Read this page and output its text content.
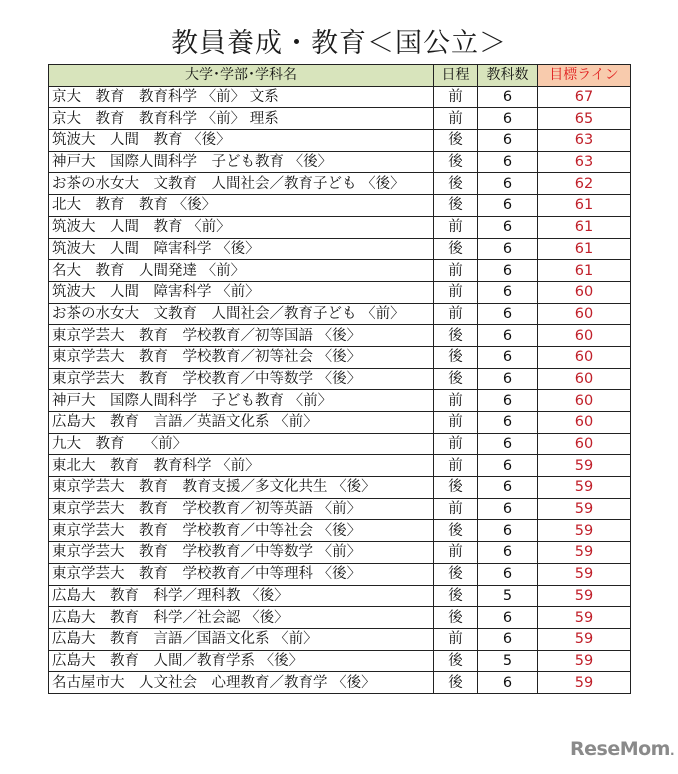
教員養成・教育＜国公立＞
大学･学部･学科名	日程	教科数	目標ライン
京大　教育　教育科学 〈前〉 文系	前	6	67
京大　教育　教育科学 〈前〉 理系	前	6	65
筑波大　人間　教育 〈後〉	後	6	63
神戸大　国際人間科学　子ども教育 〈後〉	後	6	63
お茶の水女大　文教育　人間社会／教育子ども 〈後〉	後	6	62
北大　教育　教育 〈後〉	後	6	61
筑波大　人間　教育 〈前〉	前	6	61
筑波大　人間　障害科学 〈後〉	後	6	61
名大　教育　人間発達 〈前〉	前	6	61
筑波大　人間　障害科学 〈前〉	前	6	60
お茶の水女大　文教育　人間社会／教育子ども 〈前〉	前	6	60
東京学芸大　教育　学校教育／初等国語 〈後〉	後	6	60
東京学芸大　教育　学校教育／初等社会 〈後〉	後	6	60
東京学芸大　教育　学校教育／中等数学 〈後〉	後	6	60
神戸大　国際人間科学　子ども教育 〈前〉	前	6	60
広島大　教育　言語／英語文化系 〈前〉	前	6	60
九大　教育　 〈前〉	前	6	60
東北大　教育　教育科学 〈前〉	前	6	59
東京学芸大　教育　教育支援／多文化共生 〈後〉	後	6	59
東京学芸大　教育　学校教育／初等英語 〈前〉	前	6	59
東京学芸大　教育　学校教育／中等社会 〈後〉	後	6	59
東京学芸大　教育　学校教育／中等数学 〈前〉	前	6	59
東京学芸大　教育　学校教育／中等理科 〈後〉	後	6	59
広島大　教育　科学／理科教 〈後〉	後	5	59
広島大　教育　科学／社会認 〈後〉	後	6	59
広島大　教育　言語／国語文化系 〈前〉	前	6	59
広島大　教育　人間／教育学系 〈後〉	後	5	59
名古屋市大　人文社会　心理教育／教育学 〈後〉	後	6	59
ReseMom.
